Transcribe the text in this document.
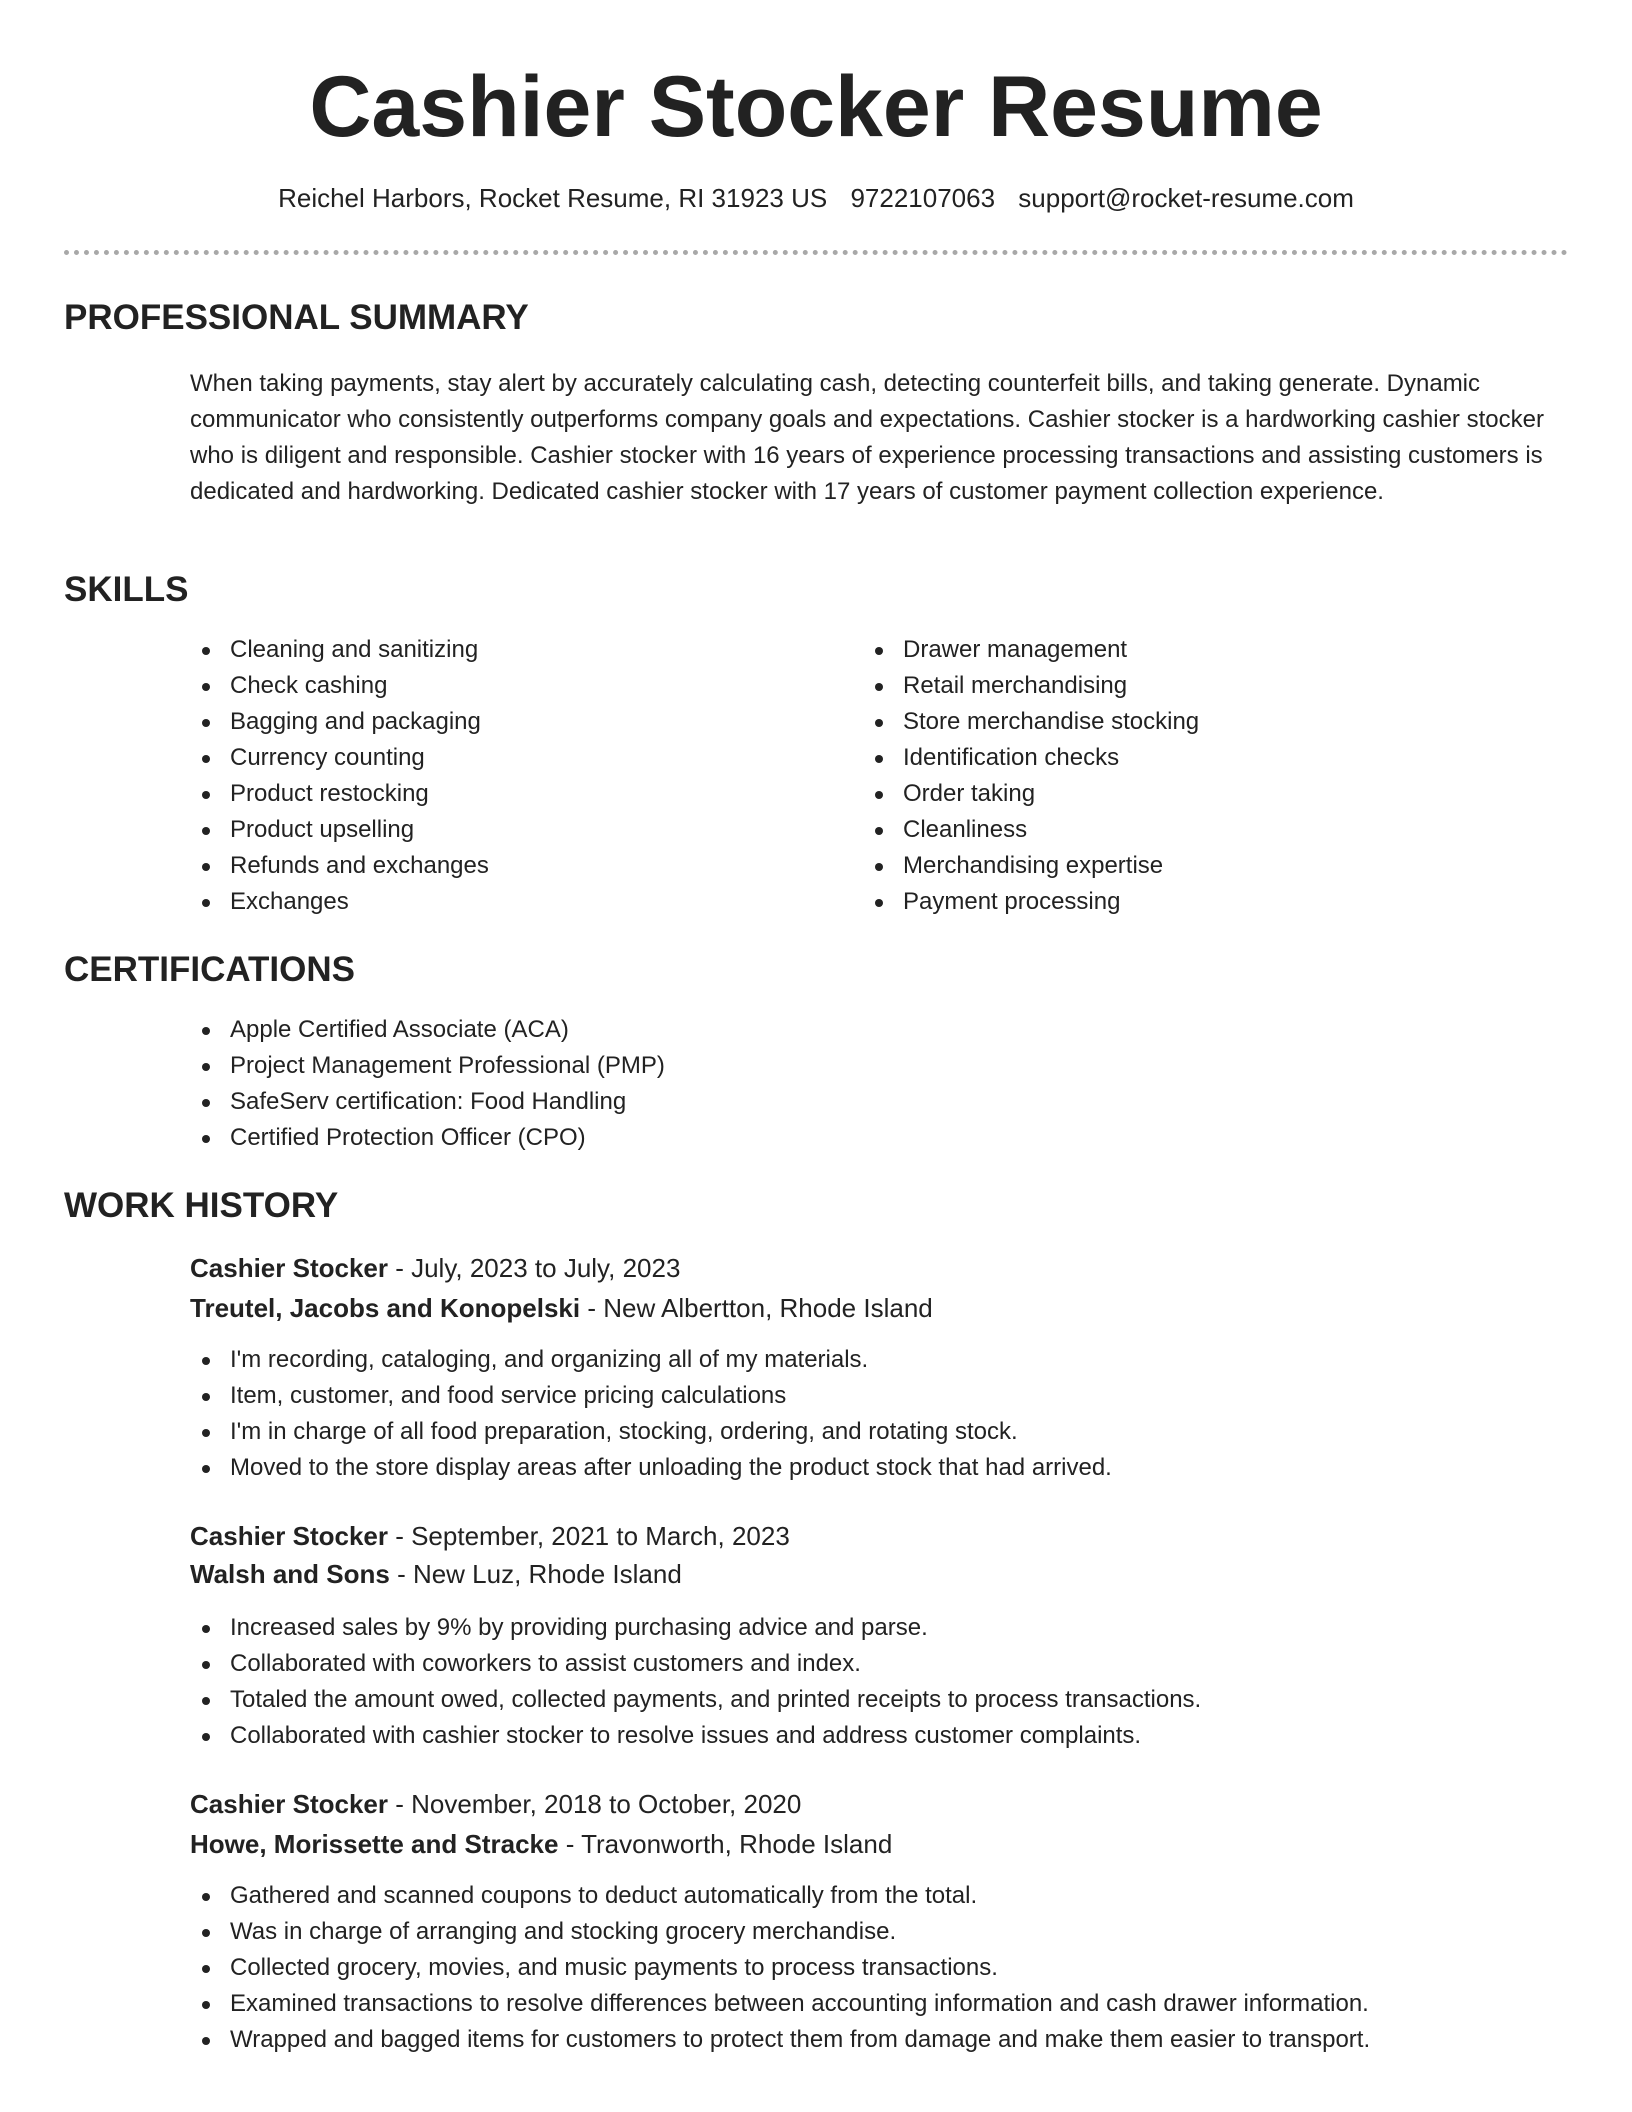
Cashier Stocker Resume
Reichel Harbors, Rocket Resume, RI 31923 US 9722107063 support@rocket-resume.com
PROFESSIONAL SUMMARY

When taking payments, stay alert by accurately calculating cash, detecting counterfeit bills, and taking generate. Dynamic communicator who consistently outperforms company goals and expectations. Cashier stocker is a hardworking cashier stocker who is diligent and responsible. Cashier stocker with 16 years of experience processing transactions and assisting customers is dedicated and hardworking. Dedicated cashier stocker with 17 years of customer payment collection experience.

SKILLS
Cleaning and sanitizing
Check cashing
Bagging and packaging
Currency counting
Product restocking
Product upselling
Refunds and exchanges
Exchanges
Drawer management
Retail merchandising
Store merchandise stocking
Identification checks
Order taking
Cleanliness
Merchandising expertise
Payment processing
CERTIFICATIONS
Apple Certified Associate (ACA)
Project Management Professional (PMP)
SafeServ certification: Food Handling
Certified Protection Officer (CPO)
WORK HISTORY
Cashier Stocker - July, 2023 to July, 2023
Treutel, Jacobs and Konopelski - New Albertton, Rhode Island
I'm recording, cataloging, and organizing all of my materials.
Item, customer, and food service pricing calculations
I'm in charge of all food preparation, stocking, ordering, and rotating stock.
Moved to the store display areas after unloading the product stock that had arrived.
Cashier Stocker - September, 2021 to March, 2023
Walsh and Sons - New Luz, Rhode Island
Increased sales by 9% by providing purchasing advice and parse.
Collaborated with coworkers to assist customers and index.
Totaled the amount owed, collected payments, and printed receipts to process transactions.
Collaborated with cashier stocker to resolve issues and address customer complaints.
Cashier Stocker - November, 2018 to October, 2020
Howe, Morissette and Stracke - Travonworth, Rhode Island
Gathered and scanned coupons to deduct automatically from the total.
Was in charge of arranging and stocking grocery merchandise.
Collected grocery, movies, and music payments to process transactions.
Examined transactions to resolve differences between accounting information and cash drawer information.
Wrapped and bagged items for customers to protect them from damage and make them easier to transport.
